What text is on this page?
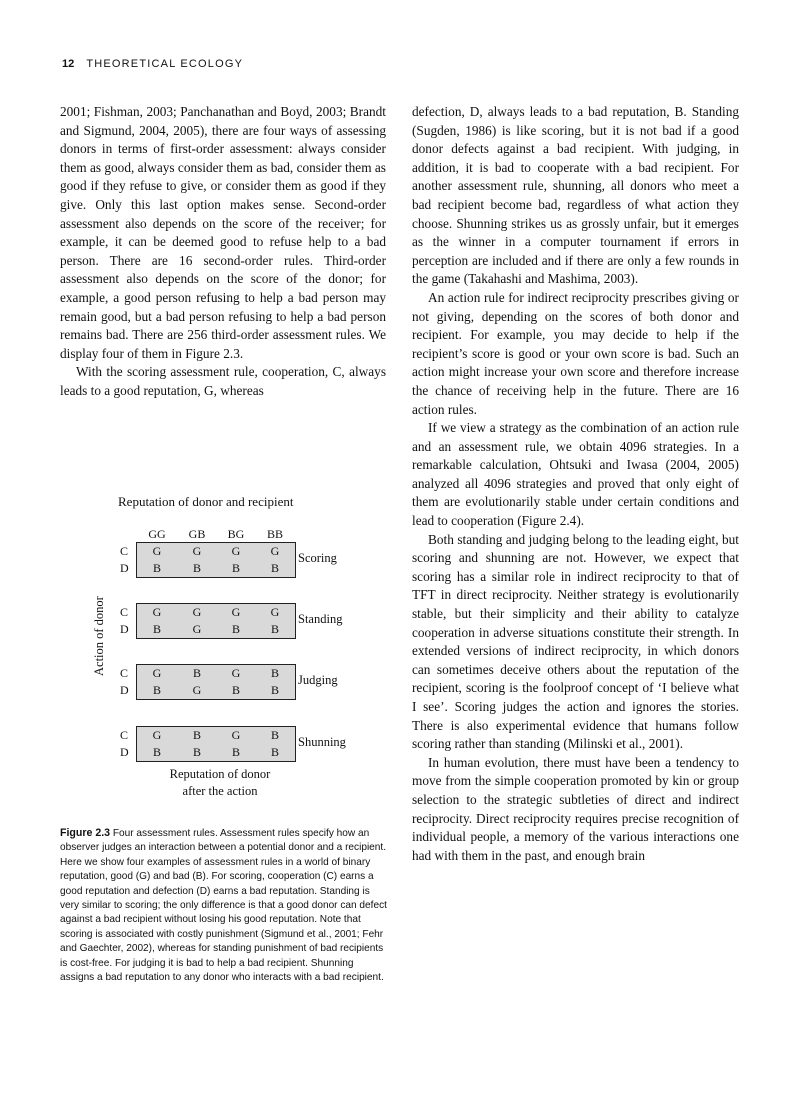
12 THEORETICAL ECOLOGY

2001; Fishman, 2003; Panchanathan and Boyd, 2003; Brandt and Sigmund, 2004, 2005), there are four ways of assessing donors in terms of first-order assessment: always consider them as good, always consider them as bad, consider them as good if they refuse to give, or consider them as good if they give. Only this last option makes sense. Second-order assessment also depends on the score of the receiver; for example, it can be deemed good to refuse help to a bad person. There are 16 second-order rules. Third-order assessment also depends on the score of the donor; for example, a good person refusing to help a bad person may remain good, but a bad person refusing to help a bad person remains bad. There are 256 third-order assessment rules. We display four of them in Figure 2.3.

With the scoring assessment rule, cooperation, C, always leads to a good reputation, G, whereas

defection, D, always leads to a bad reputation, B. Standing (Sugden, 1986) is like scoring, but it is not bad if a good donor defects against a bad recipient. With judging, in addition, it is bad to cooperate with a bad recipient. For another assessment rule, shunning, all donors who meet a bad recipient become bad, regardless of what action they choose. Shunning strikes us as grossly unfair, but it emerges as the winner in a computer tournament if errors in perception are included and if there are only a few rounds in the game (Takahashi and Mashima, 2003).

An action rule for indirect reciprocity prescribes giving or not giving, depending on the scores of both donor and recipient. For example, you may decide to help if the recipient’s score is good or your own score is bad. Such an action might increase your own score and therefore increase the chance of receiving help in the future. There are 16 action rules.

If we view a strategy as the combination of an action rule and an assessment rule, we obtain 4096 strategies. In a remarkable calculation, Ohtsuki and Iwasa (2004, 2005) analyzed all 4096 strategies and proved that only eight of them are evolutionarily stable under certain conditions and lead to cooperation (Figure 2.4).

Both standing and judging belong to the leading eight, but scoring and shunning are not. However, we expect that scoring has a similar role in indirect reciprocity to that of TFT in direct reciprocity. Neither strategy is evolutionarily stable, but their simplicity and their ability to catalyze cooperation in adverse situations constitute their strength. In extended versions of indirect reciprocity, in which donors can sometimes deceive others about the reputation of the recipient, scoring is the foolproof concept of ‘I believe what I see’. Scoring judges the action and ignores the stories. There is also experimental evidence that humans follow scoring rather than standing (Milinski et al., 2001).

In human evolution, there must have been a tendency to move from the simple cooperation promoted by kin or group selection to the strategic subtleties of direct and indirect reciprocity. Direct reciprocity requires precise recognition of individual people, a memory of the various interactions one had with them in the past, and enough brain

Reputation of donor and recipient
Action of donor
Reputation of donor
after the action
GG	GB	BG	BB
C	G	G	G	G
D	B	B	B	B
Scoring
C	G	G	G	G
D	B	G	B	B
Standing
C	G	B	G	B
D	B	G	B	B
Judging
C	G	B	G	B
D	B	B	B	B
Shunning
Figure 2.3 Four assessment rules. Assessment rules specify how an observer judges an interaction between a potential donor and a recipient. Here we show four examples of assessment rules in a world of binary reputation, good (G) and bad (B). For scoring, cooperation (C) earns a good reputation and defection (D) earns a bad reputation. Standing is very similar to scoring; the only difference is that a good donor can defect against a bad recipient without losing his good reputation. Note that scoring is associated with costly punishment (Sigmund et al., 2001; Fehr and Gaechter, 2002), whereas for standing punishment of bad recipients is cost-free. For judging it is bad to help a bad recipient. Shunning assigns a bad reputation to any donor who interacts with a bad recipient.
